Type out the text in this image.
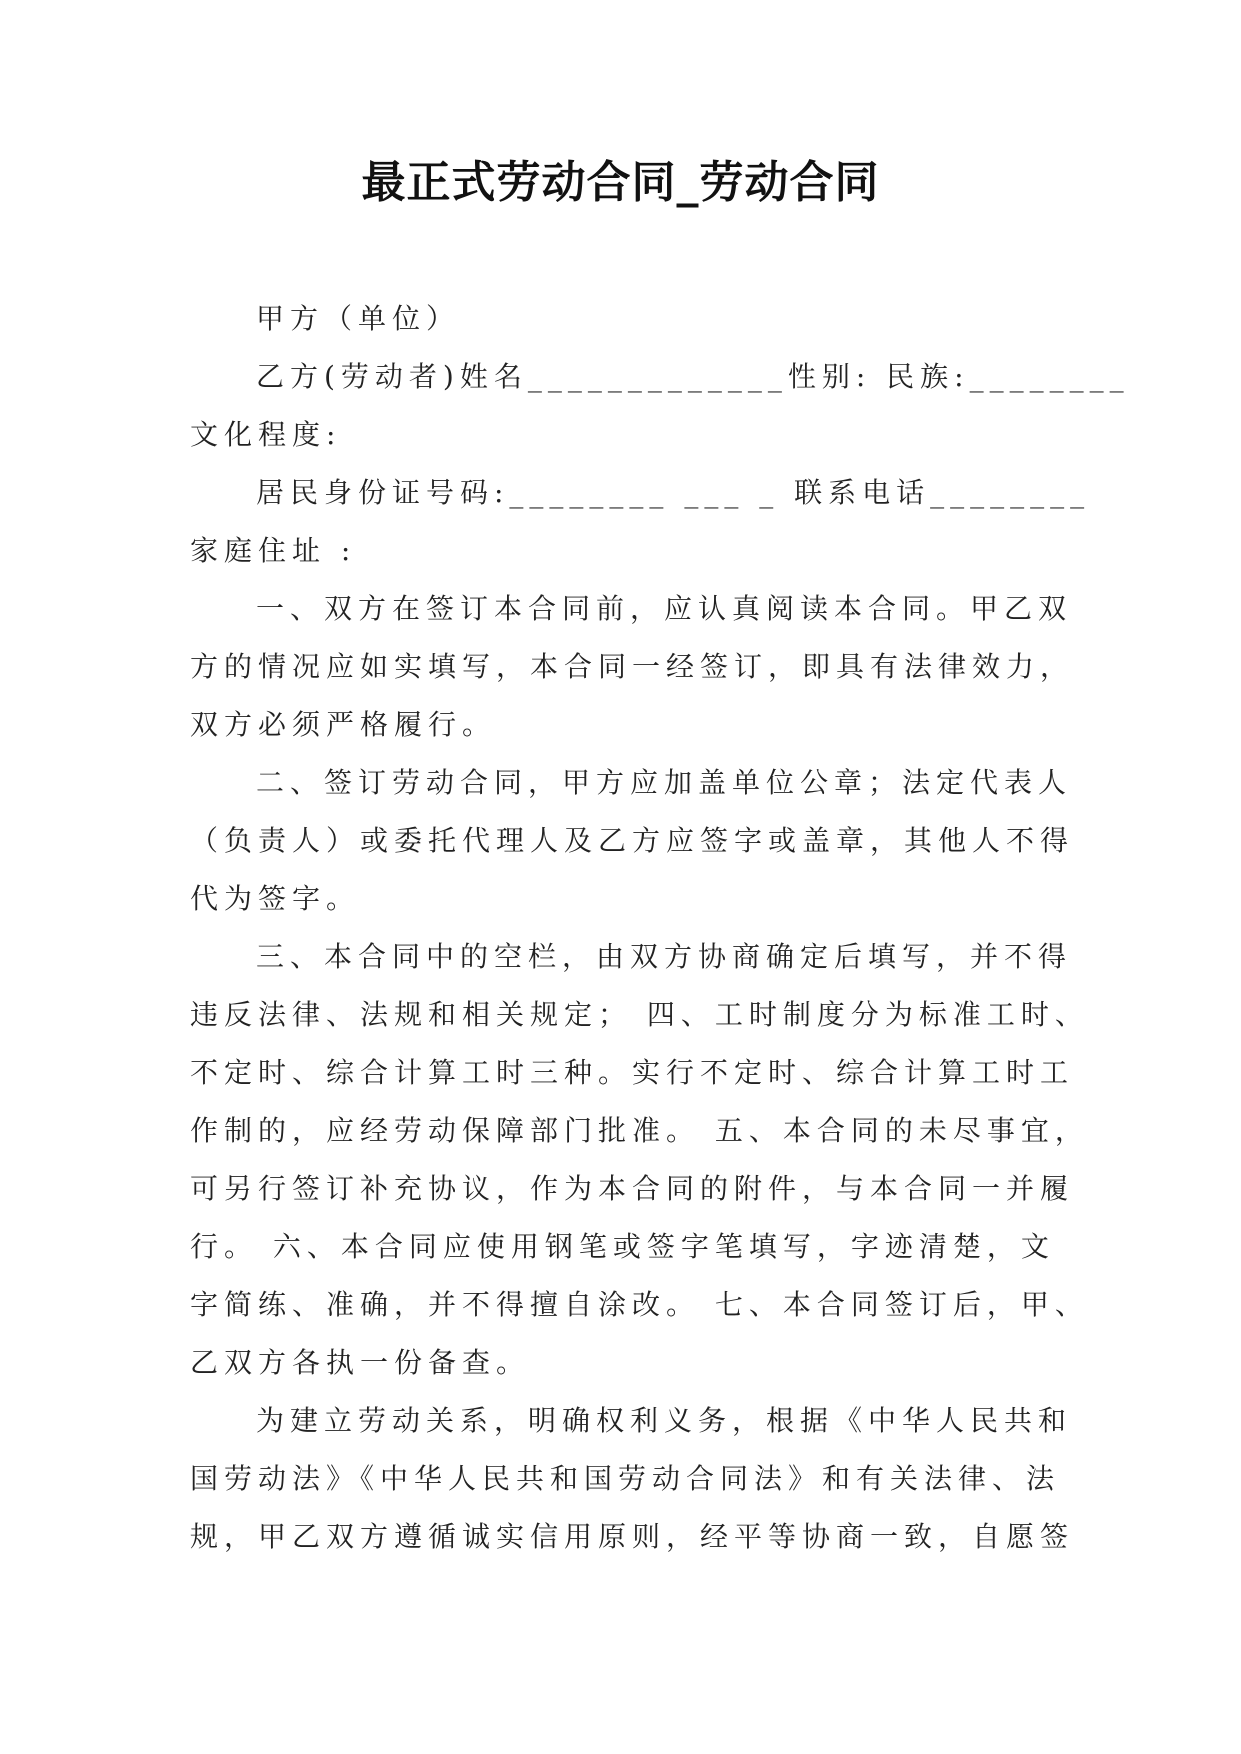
最正式劳动合同_劳动合同
甲方（单位）
乙方(劳动者)姓名_____________性别: 民族:________
文化程度:
居民身份证号码:________ ___ _ 联系电话________
家庭住址 :
一、双方在签订本合同前，应认真阅读本合同。甲乙双
方的情况应如实填写，本合同一经签订，即具有法律效力，
双方必须严格履行。
二、签订劳动合同，甲方应加盖单位公章；法定代表人
（负责人）或委托代理人及乙方应签字或盖章，其他人不得
代为签字。
三、本合同中的空栏，由双方协商确定后填写，并不得
违反法律、法规和相关规定； 四、工时制度分为标准工时、
不定时、综合计算工时三种。实行不定时、综合计算工时工
作制的，应经劳动保障部门批准。 五、本合同的未尽事宜，
可另行签订补充协议，作为本合同的附件，与本合同一并履
行。 六、本合同应使用钢笔或签字笔填写，字迹清楚，文
字简练、准确，并不得擅自涂改。 七、本合同签订后，甲、
乙双方各执一份备查。
为建立劳动关系，明确权利义务，根据《中华人民共和
国劳动法》《中华人民共和国劳动合同法》和有关法律、法
规，甲乙双方遵循诚实信用原则，经平等协商一致，自愿签
